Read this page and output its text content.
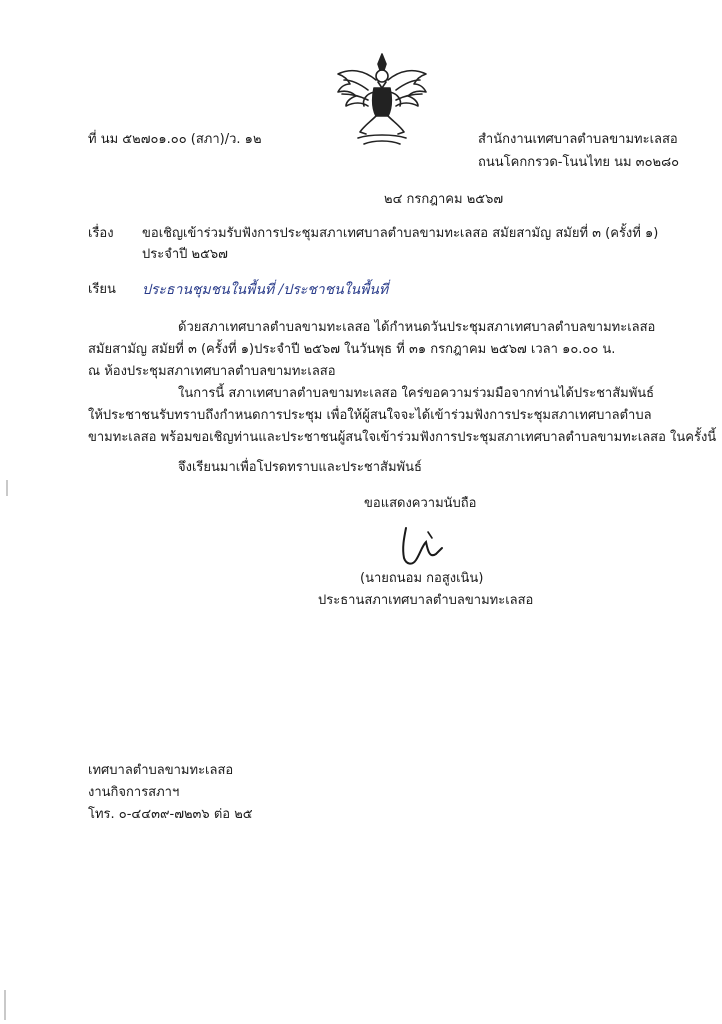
ที่ นม ๕๒๗๐๑.๐๐ (สภา)/ว. ๑๒	สำนักงานเทศบาลตำบลขามทะเลสอ
ถนนโคกกรวด-โนนไทย นม ๓๐๒๘๐
๒๔ กรกฎาคม ๒๕๖๗
เรื่อง ขอเชิญเข้าร่วมรับฟังการประชุมสภาเทศบาลตำบลขามทะเลสอ สมัยสามัญ สมัยที่ ๓ (ครั้งที่ ๑)
ประจำปี ๒๕๖๗
เรียน ประธานชุมชนในพื้นที่ /ประชาชนในพื้นที่
ด้วยสภาเทศบาลตำบลขามทะเลสอ ได้กำหนดวันประชุมสภาเทศบาลตำบลขามทะเลสอ
สมัยสามัญ สมัยที่ ๓ (ครั้งที่ ๑)ประจำปี ๒๕๖๗ ในวันพุธ ที่ ๓๑ กรกฎาคม ๒๕๖๗ เวลา ๑๐.๐๐ น.
ณ ห้องประชุมสภาเทศบาลตำบลขามทะเลสอ
ในการนี้ สภาเทศบาลตำบลขามทะเลสอ ใคร่ขอความร่วมมือจากท่านได้ประชาสัมพันธ์
ให้ประชาชนรับทราบถึงกำหนดการประชุม เพื่อให้ผู้สนใจจะได้เข้าร่วมฟังการประชุมสภาเทศบาลตำบล
ขามทะเลสอ พร้อมขอเชิญท่านและประชาชนผู้สนใจเข้าร่วมฟังการประชุมสภาเทศบาลตำบลขามทะเลสอ ในครั้งนี้
จึงเรียนมาเพื่อโปรดทราบและประชาสัมพันธ์
ขอแสดงความนับถือ
(นายถนอม กอสูงเนิน)
ประธานสภาเทศบาลตำบลขามทะเลสอ
เทศบาลตำบลขามทะเลสอ
งานกิจการสภาฯ
โทร. ๐-๔๔๓๙-๗๒๓๖ ต่อ ๒๕
